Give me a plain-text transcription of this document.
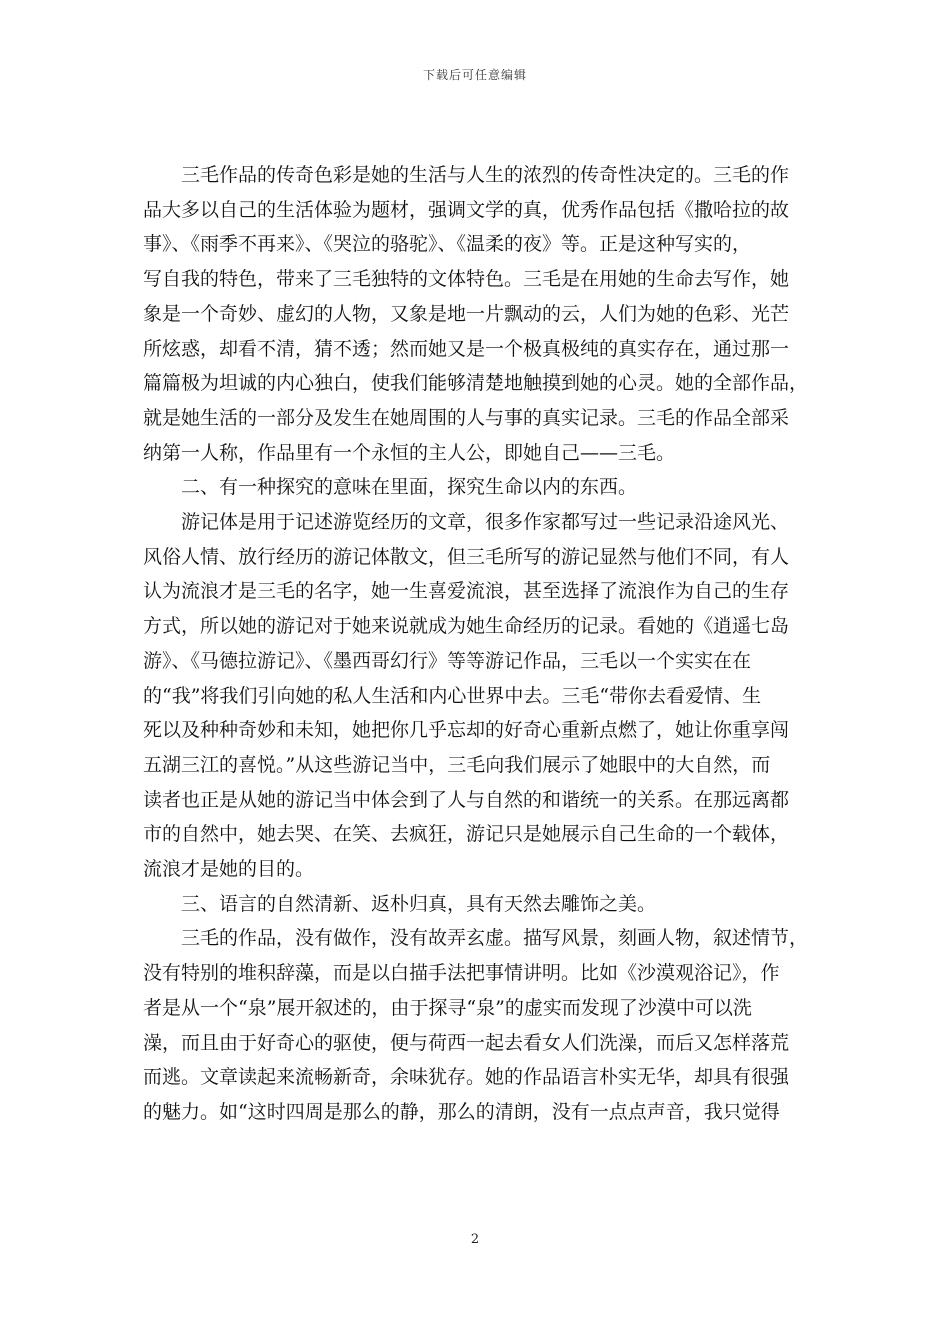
下载后可任意编辑

三毛作品的传奇色彩是她的生活与人生的浓烈的传奇性决定的。三毛的作
品大多以自己的生活体验为题材，强调文学的真，优秀作品包括《撒哈拉的故
事》、《雨季不再来》、《哭泣的骆驼》、《温柔的夜》等。正是这种写实的，
写自我的特色，带来了三毛独特的文体特色。三毛是在用她的生命去写作，她
象是一个奇妙、虚幻的人物，又象是地一片飘动的云，人们为她的色彩、光芒
所炫惑，却看不清，猜不透；然而她又是一个极真极纯的真实存在，通过那一
篇篇极为坦诚的内心独白，使我们能够清楚地触摸到她的心灵。她的全部作品，
就是她生活的一部分及发生在她周围的人与事的真实记录。三毛的作品全部采
纳第一人称，作品里有一个永恒的主人公，即她自己——三毛。

二、有一种探究的意味在里面，探究生命以内的东西。

游记体是用于记述游览经历的文章，很多作家都写过一些记录沿途风光、
风俗人情、放行经历的游记体散文，但三毛所写的游记显然与他们不同，有人
认为流浪才是三毛的名字，她一生喜爱流浪，甚至选择了流浪作为自己的生存
方式，所以她的游记对于她来说就成为她生命经历的记录。看她的《逍遥七岛
游》、《马德拉游记》、《墨西哥幻行》等等游记作品，三毛以一个实实在在
的“我”将我们引向她的私人生活和内心世界中去。三毛“带你去看爱情、生
死以及种种奇妙和未知，她把你几乎忘却的好奇心重新点燃了，她让你重享闯
五湖三江的喜悦。”从这些游记当中，三毛向我们展示了她眼中的大自然，而
读者也正是从她的游记当中体会到了人与自然的和谐统一的关系。在那远离都
市的自然中，她去哭、在笑、去疯狂，游记只是她展示自己生命的一个载体，
流浪才是她的目的。

三、语言的自然清新、返朴归真，具有天然去雕饰之美。

三毛的作品，没有做作，没有故弄玄虚。描写风景，刻画人物，叙述情节，
没有特别的堆积辞藻，而是以白描手法把事情讲明。比如《沙漠观浴记》，作
者是从一个“泉”展开叙述的，由于探寻“泉”的虚实而发现了沙漠中可以洗
澡，而且由于好奇心的驱使，便与荷西一起去看女人们洗澡，而后又怎样落荒
而逃。文章读起来流畅新奇，余味犹存。她的作品语言朴实无华，却具有很强
的魅力。如“这时四周是那么的静，那么的清朗，没有一点点声音，我只觉得

2
